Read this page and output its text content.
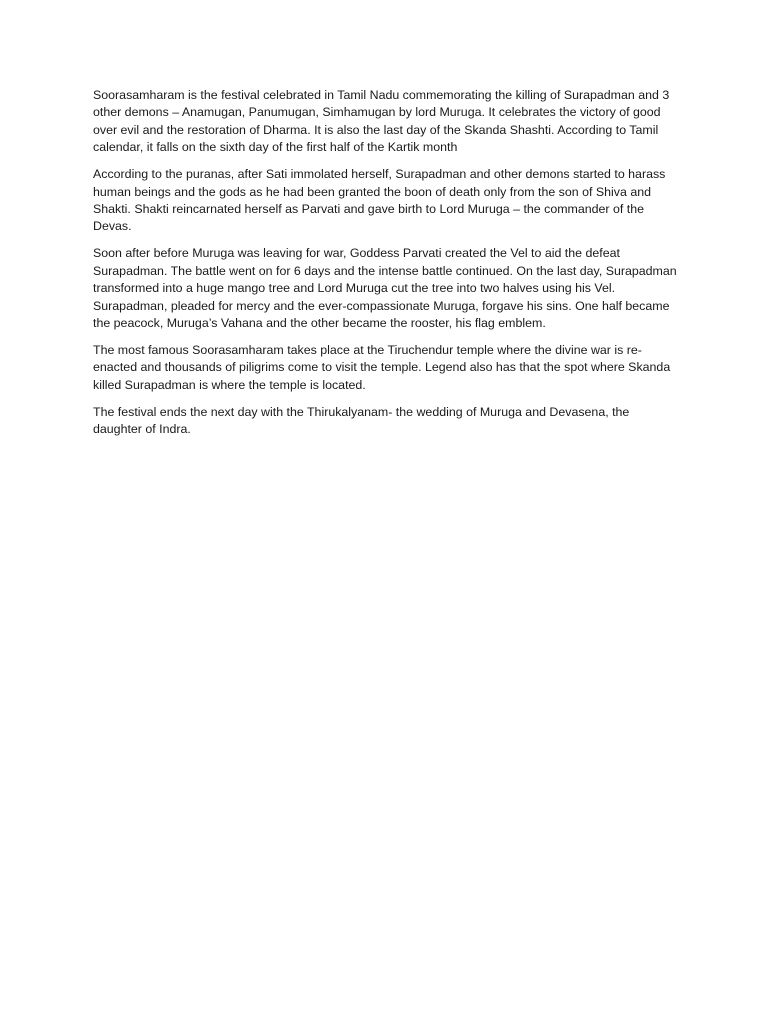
Soorasamharam is the festival celebrated in Tamil Nadu commemorating the killing of Surapadman and 3 other demons – Anamugan, Panumugan, Simhamugan by lord Muruga. It celebrates the victory of good over evil and the restoration of Dharma. It is also the last day of the Skanda Shashti. According to Tamil calendar, it falls on the sixth day of the first half of the Kartik month

According to the puranas, after Sati immolated herself, Surapadman and other demons started to harass human beings and the gods as he had been granted the boon of death only from the son of Shiva and Shakti. Shakti reincarnated herself as Parvati and gave birth to Lord Muruga – the commander of the Devas.

Soon after before Muruga was leaving for war, Goddess Parvati created the Vel to aid the defeat Surapadman. The battle went on for 6 days and the intense battle continued. On the last day, Surapadman transformed into a huge mango tree and Lord Muruga cut the tree into two halves using his Vel. Surapadman, pleaded for mercy and the ever-compassionate Muruga, forgave his sins. One half became the peacock, Muruga’s Vahana and the other became the rooster, his flag emblem.

The most famous Soorasamharam takes place at the Tiruchendur temple where the divine war is re-enacted and thousands of piligrims come to visit the temple. Legend also has that the spot where Skanda killed Surapadman is where the temple is located.

The festival ends the next day with the Thirukalyanam- the wedding of Muruga and Devasena, the daughter of Indra.
